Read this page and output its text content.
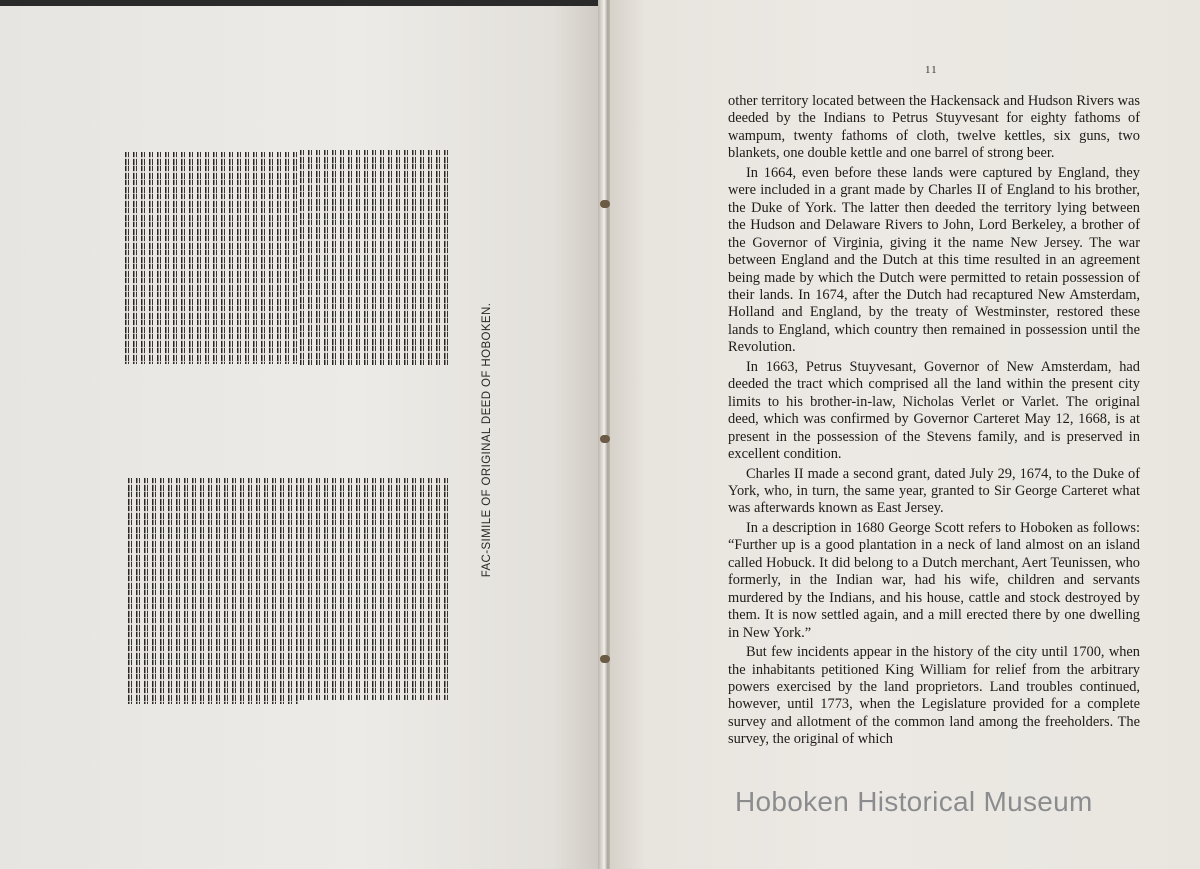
FAC-SIMILE OF ORIGINAL DEED OF HOBOKEN.
11

other territory located between the Hackensack and Hudson Rivers was deeded by the Indians to Petrus Stuyvesant for eighty fathoms of wampum, twenty fathoms of cloth, twelve kettles, six guns, two blankets, one double kettle and one barrel of strong beer.

In 1664, even before these lands were captured by England, they were included in a grant made by Charles II of England to his brother, the Duke of York. The latter then deeded the territory lying between the Hudson and Delaware Rivers to John, Lord Berkeley, a brother of the Governor of Virginia, giving it the name New Jersey. The war between England and the Dutch at this time resulted in an agreement being made by which the Dutch were permitted to retain possession of their lands. In 1674, after the Dutch had recaptured New Amsterdam, Holland and England, by the treaty of Westminster, restored these lands to England, which country then remained in possession until the Revolution.

In 1663, Petrus Stuyvesant, Governor of New Amsterdam, had deeded the tract which comprised all the land within the present city limits to his brother-in-law, Nicholas Verlet or Varlet. The original deed, which was confirmed by Governor Carteret May 12, 1668, is at present in the possession of the Stevens family, and is preserved in excellent condition.

Charles II made a second grant, dated July 29, 1674, to the Duke of York, who, in turn, the same year, granted to Sir George Carteret what was afterwards known as East Jersey.

In a description in 1680 George Scott refers to Hoboken as follows: “Further up is a good plantation in a neck of land almost on an island called Hobuck. It did belong to a Dutch merchant, Aert Teunissen, who formerly, in the Indian war, had his wife, children and servants murdered by the Indians, and his house, cattle and stock destroyed by them. It is now settled again, and a mill erected there by one dwelling in New York.”

But few incidents appear in the history of the city until 1700, when the inhabitants petitioned King William for relief from the arbitrary powers exercised by the land proprietors. Land troubles continued, however, until 1773, when the Legislature provided for a complete survey and allotment of the common land among the freeholders. The survey, the original of which

Hoboken Historical Museum
